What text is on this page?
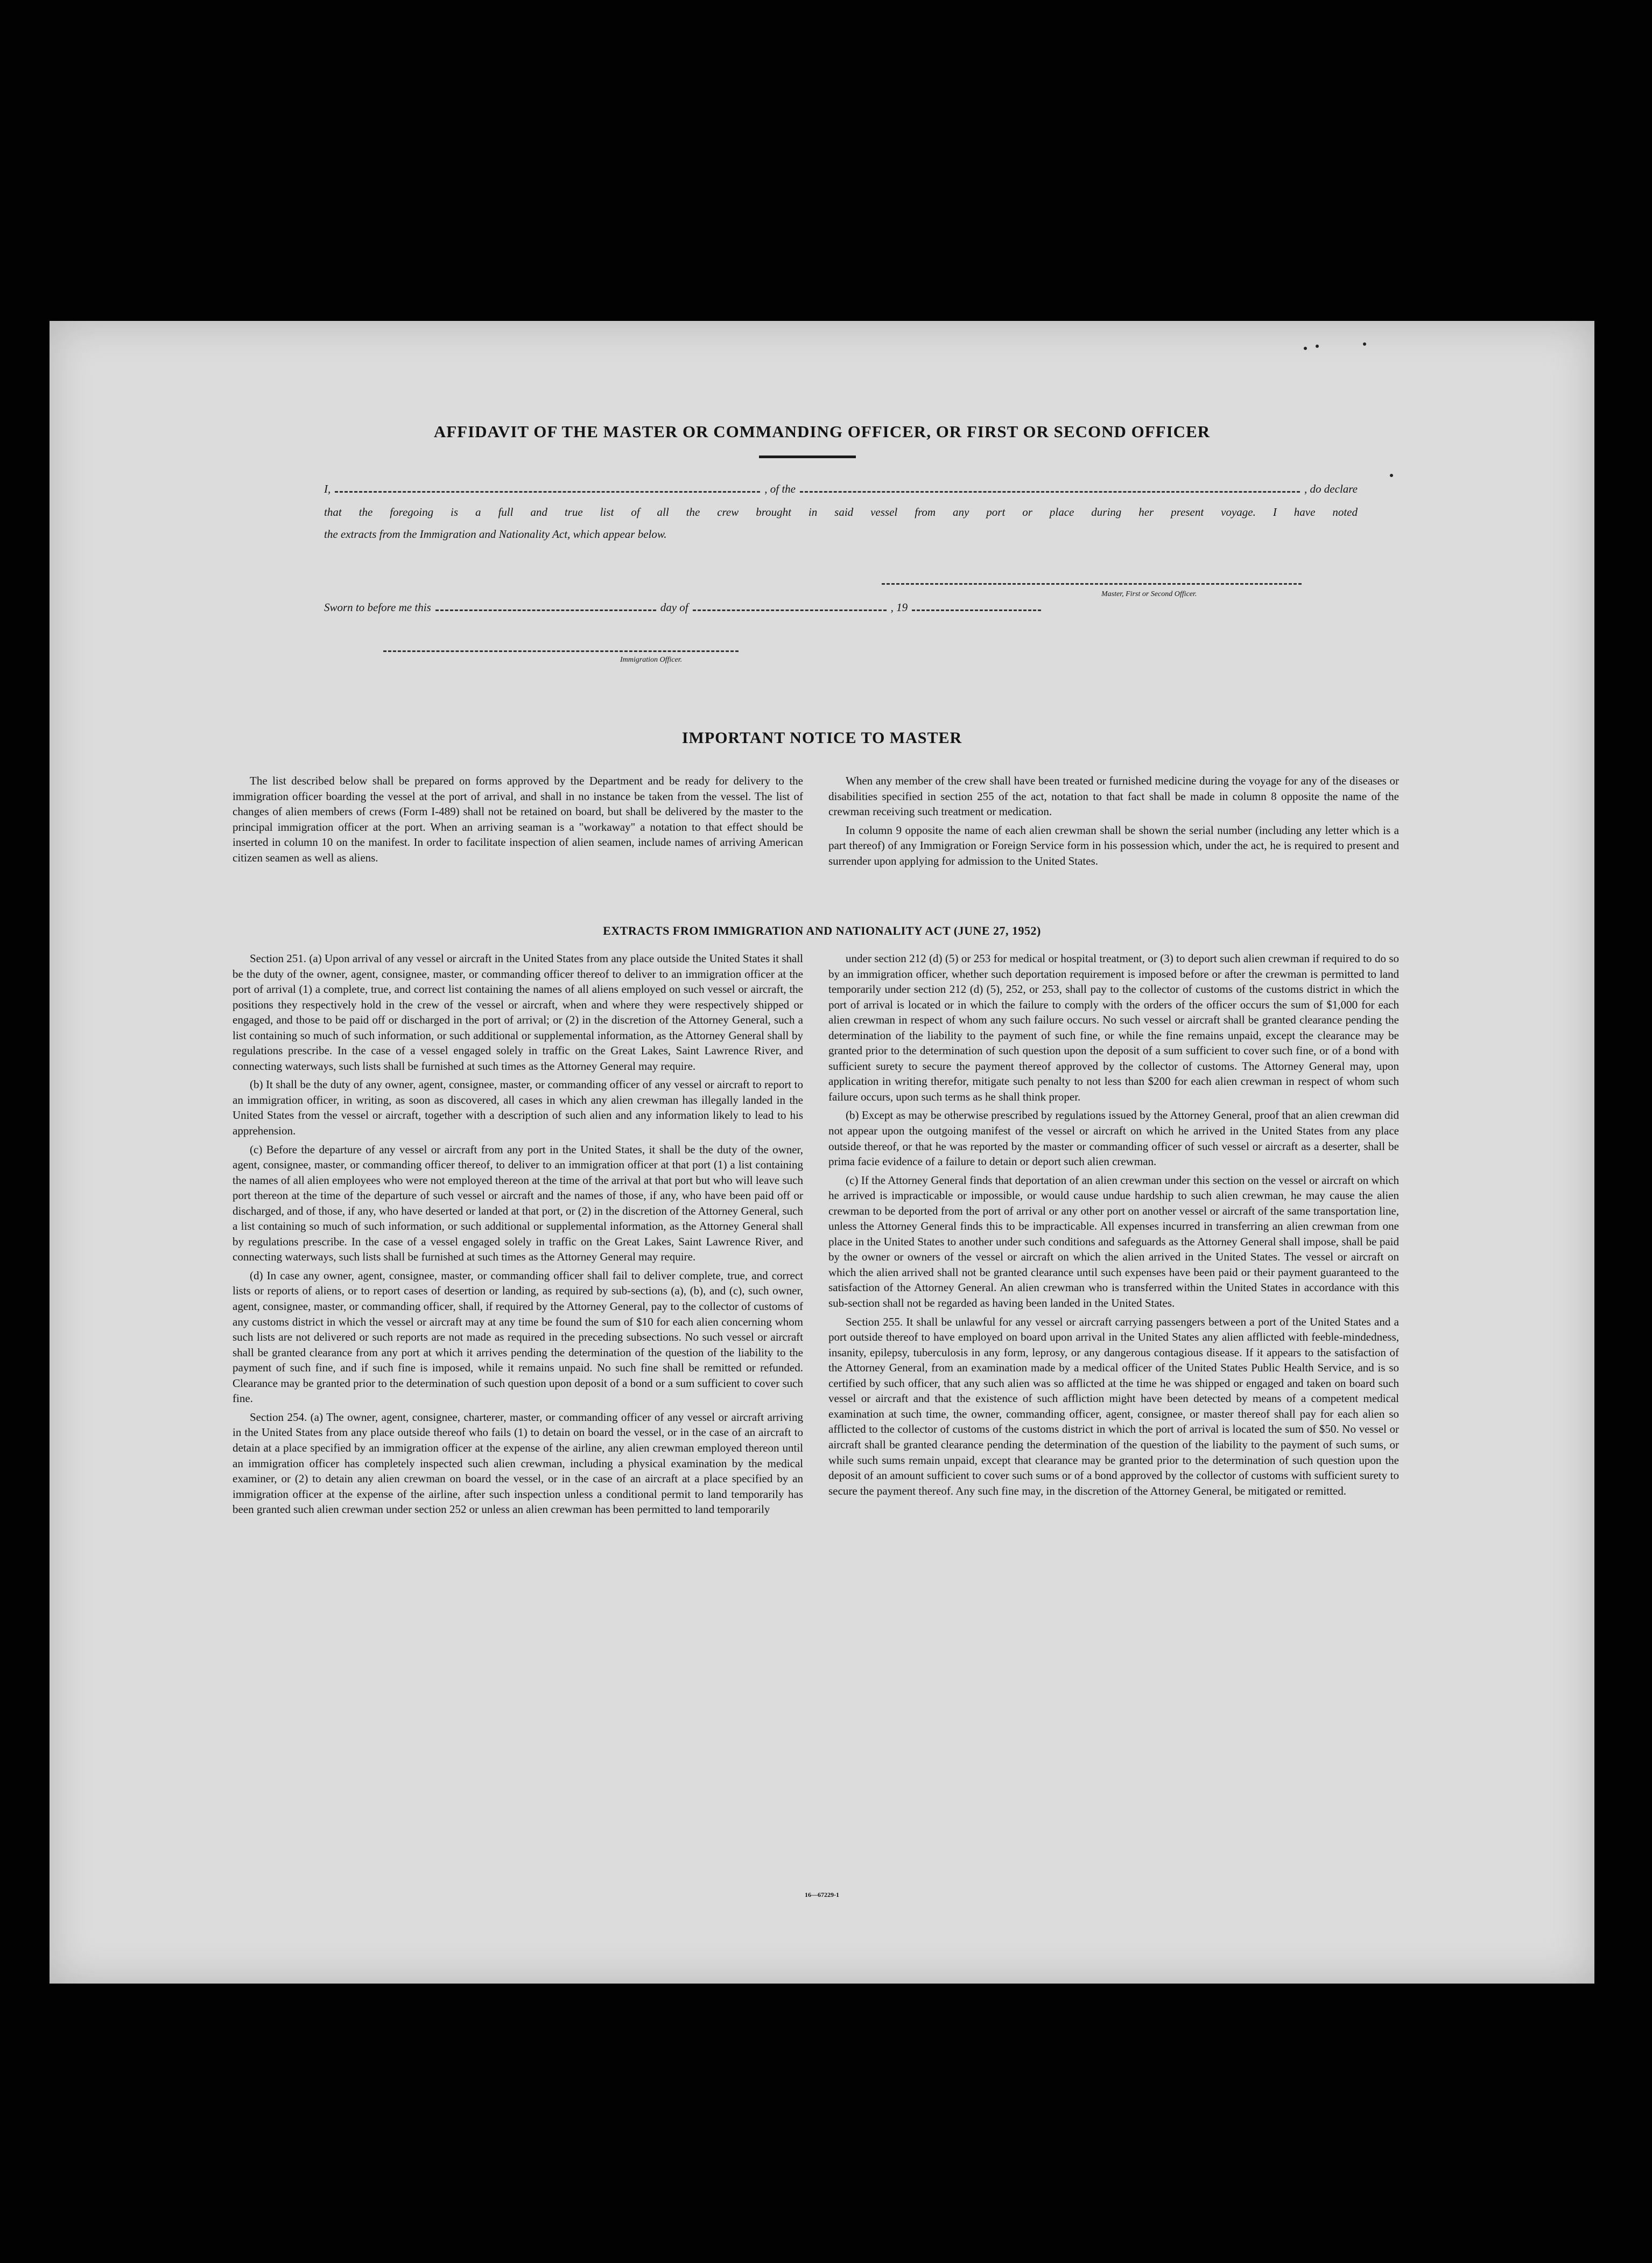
AFFIDAVIT OF THE MASTER OR COMMANDING OFFICER, OR FIRST OR SECOND OFFICER
I,	, of the	, do declare
that the foregoing is a full and true list of all the crew brought in said vessel from any port or place during her present voyage. I have noted
the extracts from the Immigration and Nationality Act, which appear below.
Master, First or Second Officer.
Sworn to before me this	day of	, 19
Immigration Officer.
IMPORTANT NOTICE TO MASTER

The list described below shall be prepared on forms approved by the Department and be ready for delivery to the immigration officer boarding the vessel at the port of arrival, and shall in no instance be taken from the vessel. The list of changes of alien members of crews (Form I-489) shall not be retained on board, but shall be delivered by the master to the principal immigration officer at the port. When an arriving seaman is a "workaway" a notation to that effect should be inserted in column 10 on the manifest. In order to facilitate inspection of alien seamen, include names of arriving American citizen seamen as well as aliens.

When any member of the crew shall have been treated or furnished medicine during the voyage for any of the diseases or disabilities specified in section 255 of the act, notation to that fact shall be made in column 8 opposite the name of the crewman receiving such treatment or medication.

In column 9 opposite the name of each alien crewman shall be shown the serial number (including any letter which is a part thereof) of any Immigration or Foreign Service form in his possession which, under the act, he is required to present and surrender upon applying for admission to the United States.

EXTRACTS FROM IMMIGRATION AND NATIONALITY ACT (JUNE 27, 1952)

Section 251. (a) Upon arrival of any vessel or aircraft in the United States from any place outside the United States it shall be the duty of the owner, agent, consignee, master, or commanding officer thereof to deliver to an immigration officer at the port of arrival (1) a complete, true, and correct list containing the names of all aliens employed on such vessel or aircraft, the positions they respectively hold in the crew of the vessel or aircraft, when and where they were respectively shipped or engaged, and those to be paid off or discharged in the port of arrival; or (2) in the discretion of the Attorney General, such a list containing so much of such information, or such additional or supplemental information, as the Attorney General shall by regulations prescribe. In the case of a vessel engaged solely in traffic on the Great Lakes, Saint Lawrence River, and connecting waterways, such lists shall be furnished at such times as the Attorney General may require.

(b) It shall be the duty of any owner, agent, consignee, master, or commanding officer of any vessel or aircraft to report to an immigration officer, in writing, as soon as discovered, all cases in which any alien crewman has illegally landed in the United States from the vessel or aircraft, together with a description of such alien and any information likely to lead to his apprehension.

(c) Before the departure of any vessel or aircraft from any port in the United States, it shall be the duty of the owner, agent, consignee, master, or commanding officer thereof, to deliver to an immigration officer at that port (1) a list containing the names of all alien employees who were not employed thereon at the time of the arrival at that port but who will leave such port thereon at the time of the departure of such vessel or aircraft and the names of those, if any, who have been paid off or discharged, and of those, if any, who have deserted or landed at that port, or (2) in the discretion of the Attorney General, such a list containing so much of such information, or such additional or supplemental information, as the Attorney General shall by regulations prescribe. In the case of a vessel engaged solely in traffic on the Great Lakes, Saint Lawrence River, and connecting waterways, such lists shall be furnished at such times as the Attorney General may require.

(d) In case any owner, agent, consignee, master, or commanding officer shall fail to deliver complete, true, and correct lists or reports of aliens, or to report cases of desertion or landing, as required by sub-sections (a), (b), and (c), such owner, agent, consignee, master, or commanding officer, shall, if required by the Attorney General, pay to the collector of customs of any customs district in which the vessel or aircraft may at any time be found the sum of $10 for each alien concerning whom such lists are not delivered or such reports are not made as required in the preceding subsections. No such vessel or aircraft shall be granted clearance from any port at which it arrives pending the determination of the question of the liability to the payment of such fine, and if such fine is imposed, while it remains unpaid. No such fine shall be remitted or refunded. Clearance may be granted prior to the determination of such question upon deposit of a bond or a sum sufficient to cover such fine.

Section 254. (a) The owner, agent, consignee, charterer, master, or commanding officer of any vessel or aircraft arriving in the United States from any place outside thereof who fails (1) to detain on board the vessel, or in the case of an aircraft to detain at a place specified by an immigration officer at the expense of the airline, any alien crewman employed thereon until an immigration officer has completely inspected such alien crewman, including a physical examination by the medical examiner, or (2) to detain any alien crewman on board the vessel, or in the case of an aircraft at a place specified by an immigration officer at the expense of the airline, after such inspection unless a conditional permit to land temporarily has been granted such alien crewman under section 252 or unless an alien crewman has been permitted to land temporarily

under section 212 (d) (5) or 253 for medical or hospital treatment, or (3) to deport such alien crewman if required to do so by an immigration officer, whether such deportation requirement is imposed before or after the crewman is permitted to land temporarily under section 212 (d) (5), 252, or 253, shall pay to the collector of customs of the customs district in which the port of arrival is located or in which the failure to comply with the orders of the officer occurs the sum of $1,000 for each alien crewman in respect of whom any such failure occurs. No such vessel or aircraft shall be granted clearance pending the determination of the liability to the payment of such fine, or while the fine remains unpaid, except the clearance may be granted prior to the determination of such question upon the deposit of a sum sufficient to cover such fine, or of a bond with sufficient surety to secure the payment thereof approved by the collector of customs. The Attorney General may, upon application in writing therefor, mitigate such penalty to not less than $200 for each alien crewman in respect of whom such failure occurs, upon such terms as he shall think proper.

(b) Except as may be otherwise prescribed by regulations issued by the Attorney General, proof that an alien crewman did not appear upon the outgoing manifest of the vessel or aircraft on which he arrived in the United States from any place outside thereof, or that he was reported by the master or commanding officer of such vessel or aircraft as a deserter, shall be prima facie evidence of a failure to detain or deport such alien crewman.

(c) If the Attorney General finds that deportation of an alien crewman under this section on the vessel or aircraft on which he arrived is impracticable or impossible, or would cause undue hardship to such alien crewman, he may cause the alien crewman to be deported from the port of arrival or any other port on another vessel or aircraft of the same transportation line, unless the Attorney General finds this to be impracticable. All expenses incurred in transferring an alien crewman from one place in the United States to another under such conditions and safeguards as the Attorney General shall impose, shall be paid by the owner or owners of the vessel or aircraft on which the alien arrived in the United States. The vessel or aircraft on which the alien arrived shall not be granted clearance until such expenses have been paid or their payment guaranteed to the satisfaction of the Attorney General. An alien crewman who is transferred within the United States in accordance with this sub-section shall not be regarded as having been landed in the United States.

Section 255. It shall be unlawful for any vessel or aircraft carrying passengers between a port of the United States and a port outside thereof to have employed on board upon arrival in the United States any alien afflicted with feeble-mindedness, insanity, epilepsy, tuberculosis in any form, leprosy, or any dangerous contagious disease. If it appears to the satisfaction of the Attorney General, from an examination made by a medical officer of the United States Public Health Service, and is so certified by such officer, that any such alien was so afflicted at the time he was shipped or engaged and taken on board such vessel or aircraft and that the existence of such affliction might have been detected by means of a competent medical examination at such time, the owner, commanding officer, agent, consignee, or master thereof shall pay for each alien so afflicted to the collector of customs of the customs district in which the port of arrival is located the sum of $50. No vessel or aircraft shall be granted clearance pending the determination of the question of the liability to the payment of such sums, or while such sums remain unpaid, except that clearance may be granted prior to the determination of such question upon the deposit of an amount sufficient to cover such sums or of a bond approved by the collector of customs with sufficient surety to secure the payment thereof. Any such fine may, in the discretion of the Attorney General, be mitigated or remitted.

16—67229-1
